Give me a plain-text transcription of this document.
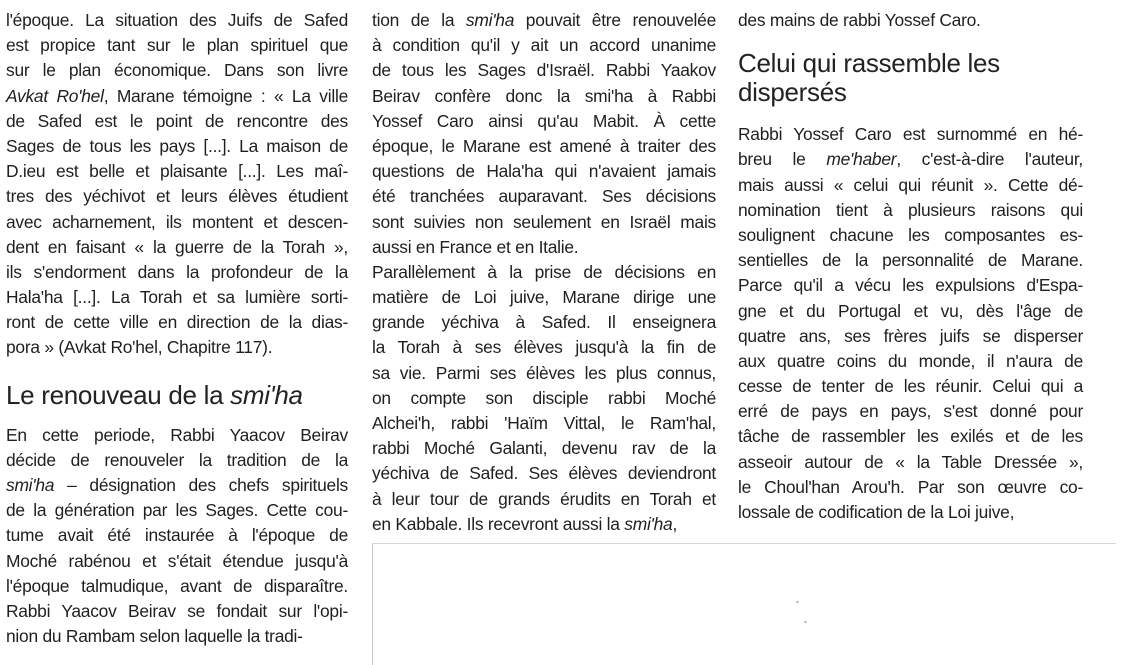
l'époque. La situation des Juifs de Safed
est propice tant sur le plan spirituel que
sur le plan économique. Dans son livre
Avkat Ro'hel, Marane témoigne : « La ville
de Safed est le point de rencontre des
Sages de tous les pays [...]. La maison de
D.ieu est belle et plaisante [...]. Les maî-
tres des yéchivot et leurs élèves étudient
avec acharnement, ils montent et descen-
dent en faisant « la guerre de la Torah »,
ils s'endorment dans la profondeur de la
Hala'ha [...]. La Torah et sa lumière sorti-
ront de cette ville en direction de la dias-
pora » (Avkat Ro'hel, Chapitre 117).
Le renouveau de la smi'ha
En cette periode, Rabbi Yaacov Beirav
décide de renouveler la tradition de la
smi'ha – désignation des chefs spirituels
de la génération par les Sages. Cette cou-
tume avait été instaurée à l'époque de
Moché rabénou et s'était étendue jusqu'à
l'époque talmudique, avant de disparaître.
Rabbi Yaacov Beirav se fondait sur l'opi-
nion du Rambam selon laquelle la tradi-
tion de la smi'ha pouvait être renouvelée
à condition qu'il y ait un accord unanime
de tous les Sages d'Israël. Rabbi Yaakov
Beirav confère donc la smi'ha à Rabbi
Yossef Caro ainsi qu'au Mabit. À cette
époque, le Marane est amené à traiter des
questions de Hala'ha qui n'avaient jamais
été tranchées auparavant. Ses décisions
sont suivies non seulement en Israël mais
aussi en France et en Italie.
Parallèlement à la prise de décisions en
matière de Loi juive, Marane dirige une
grande yéchiva à Safed. Il enseignera
la Torah à ses élèves jusqu'à la fin de
sa vie. Parmi ses élèves les plus connus,
on compte son disciple rabbi Moché
Alchei'h, rabbi 'Haïm Vittal, le Ram'hal,
rabbi Moché Galanti, devenu rav de la
yéchiva de Safed. Ses élèves deviendront
à leur tour de grands érudits en Torah et
en Kabbale. Ils recevront aussi la smi'ha,
des mains de rabbi Yossef Caro.
Celui qui rassemble les
dispersés
Rabbi Yossef Caro est surnommé en hé-
breu le me'haber, c'est-à-dire l'auteur,
mais aussi « celui qui réunit ». Cette dé-
nomination tient à plusieurs raisons qui
soulignent chacune les composantes es-
sentielles de la personnalité de Marane.
Parce qu'il a vécu les expulsions d'Espa-
gne et du Portugal et vu, dès l'âge de
quatre ans, ses frères juifs se disperser
aux quatre coins du monde, il n'aura de
cesse de tenter de les réunir. Celui qui a
erré de pays en pays, s'est donné pour
tâche de rassembler les exilés et de les
asseoir autour de « la Table Dressée »,
le Choul'han Arou'h. Par son œuvre co-
lossale de codification de la Loi juive,
